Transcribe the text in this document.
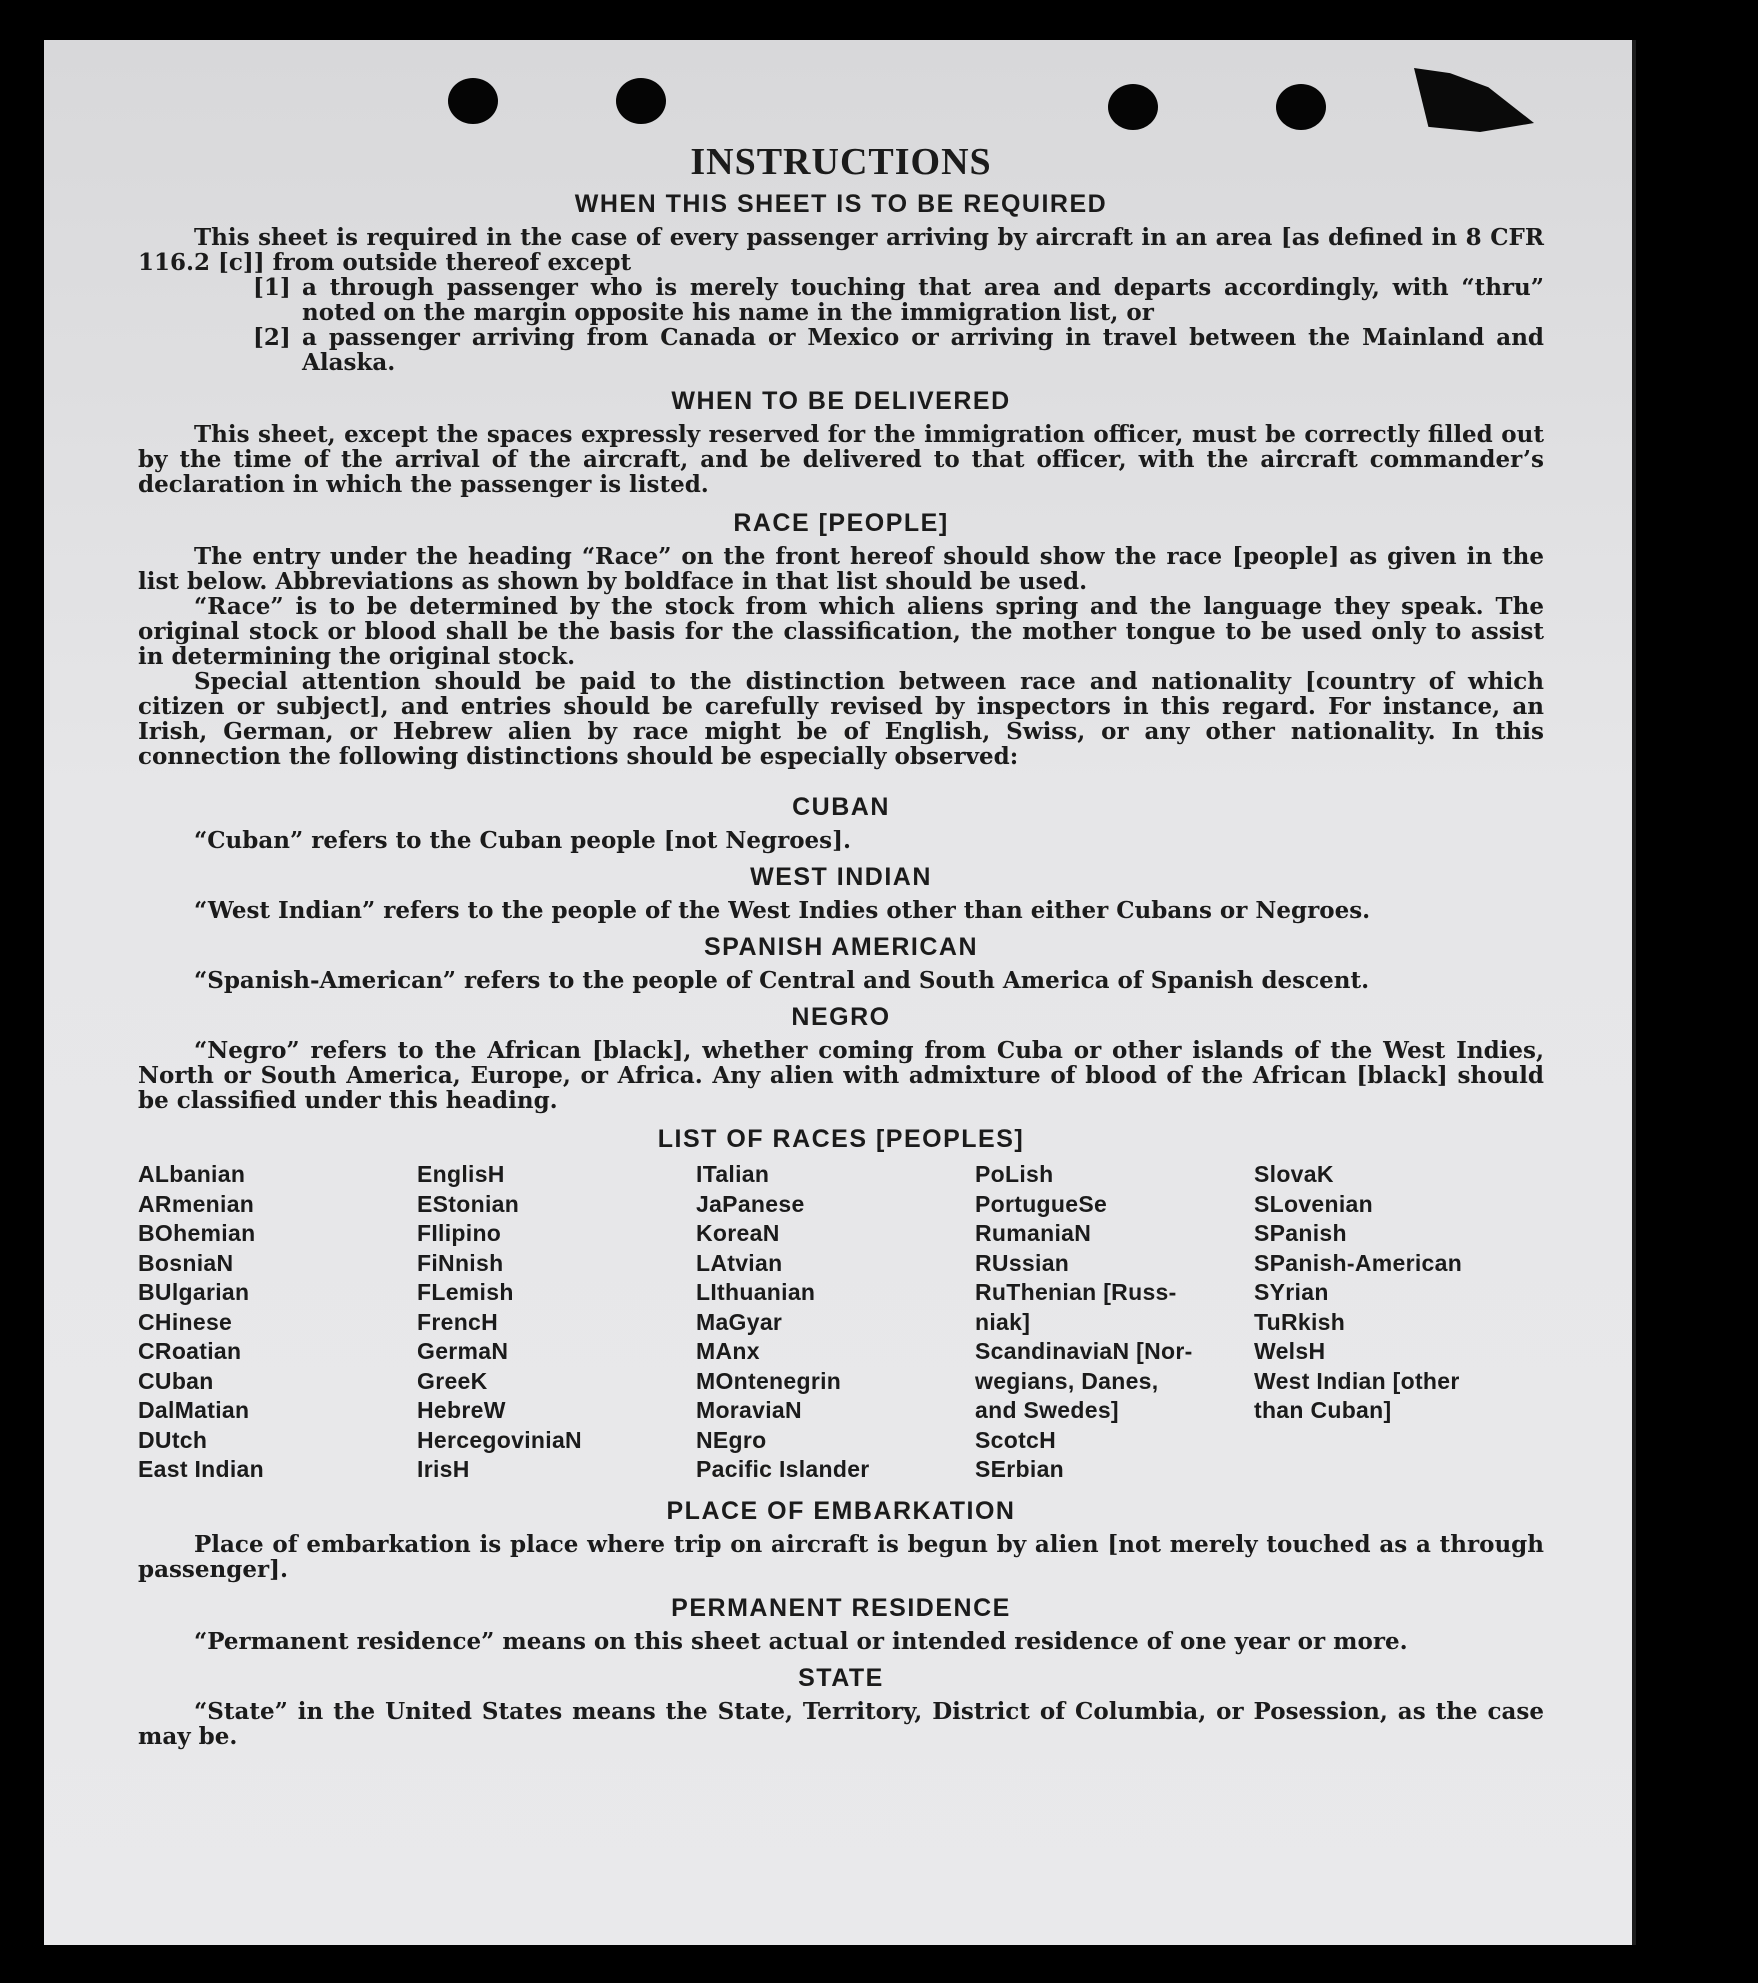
INSTRUCTIONS
WHEN THIS SHEET IS TO BE REQUIRED

This sheet is required in the case of every passenger arriving by aircraft in an area [as defined in 8 CFR 116.2 [c]] from outside thereof except

[1] a through passenger who is merely touching that area and departs accordingly, with “thru” noted on the margin opposite his name in the immigration list, or
[2] a passenger arriving from Canada or Mexico or arriving in travel between the Mainland and Alaska.
WHEN TO BE DELIVERED

This sheet, except the spaces expressly reserved for the immigration officer, must be correctly filled out by the time of the arrival of the aircraft, and be delivered to that officer, with the aircraft commander’s declaration in which the passenger is listed.

RACE [PEOPLE]

The entry under the heading “Race” on the front hereof should show the race [people] as given in the list below. Abbreviations as shown by boldface in that list should be used.

“Race” is to be determined by the stock from which aliens spring and the language they speak. The original stock or blood shall be the basis for the classification, the mother tongue to be used only to assist in determining the original stock.

Special attention should be paid to the distinction between race and nationality [country of which citizen or subject], and entries should be carefully revised by inspectors in this regard. For instance, an Irish, German, or Hebrew alien by race might be of English, Swiss, or any other nationality. In this connection the following distinctions should be especially observed:

CUBAN

“Cuban” refers to the Cuban people [not Negroes].

WEST INDIAN

“West Indian” refers to the people of the West Indies other than either Cubans or Negroes.

SPANISH AMERICAN

“Spanish-American” refers to the people of Central and South America of Spanish descent.

NEGRO

“Negro” refers to the African [black], whether coming from Cuba or other islands of the West Indies, North or South America, Europe, or Africa. Any alien with admixture of blood of the African [black] should be classified under this heading.

LIST OF RACES [PEOPLES]
ALbanian
ARmenian
BOhemian
BosniaN
BUlgarian
CHinese
CRoatian
CUban
DalMatian
DUtch
East Indian
EnglisH
EStonian
FIlipino
FiNnish
FLemish
FrencH
GermaN
GreeK
HebreW
HercegoviniaN
IrisH
ITalian
JaPanese
KoreaN
LAtvian
LIthuanian
MaGyar
MAnx
MOntenegrin
MoraviaN
NEgro
Pacific Islander
PoLish
PortugueSe
RumaniaN
RUssian
RuThenian [Russ-
niak]
ScandinaviaN [Nor-
wegians, Danes,
and Swedes]
ScotcH
SErbian
SlovaK
SLovenian
SPanish
SPanish-American
SYrian
TuRkish
WelsH
West Indian [other
than Cuban]
PLACE OF EMBARKATION

Place of embarkation is place where trip on aircraft is begun by alien [not merely touched as a through passenger].

PERMANENT RESIDENCE

“Permanent residence” means on this sheet actual or intended residence of one year or more.

STATE

“State” in the United States means the State, Territory, District of Columbia, or Posession, as the case may be.
